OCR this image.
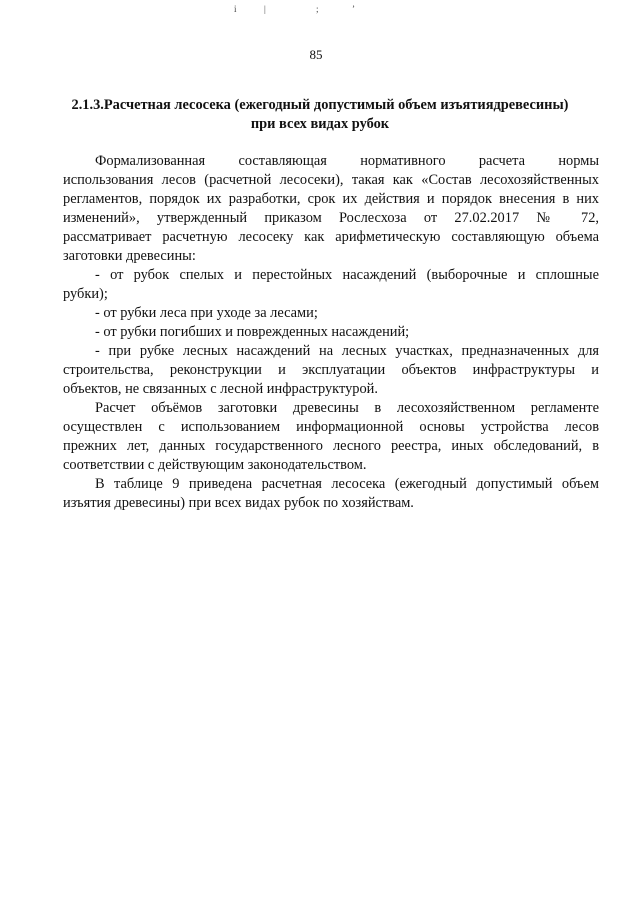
i	|	;	’
85
2.1.3.Расчетная лесосека (ежегодный допустимый объем изъятиядревесины)
при всех видах рубок
Формализованная составляющая нормативного расчета нормы
использования лесов (расчетной лесосеки), такая как «Состав лесохозяйственных
регламентов, порядок их разработки, срок их действия и порядок внесения в них
изменений», утвержденный приказом Рослесхоза от 27.02.2017 № 72,
рассматривает расчетную лесосеку как арифметическую составляющую объема
заготовки древесины:
- от рубок спелых и перестойных насаждений (выборочные и сплошные
рубки);
- от рубки леса при уходе за лесами;
- от рубки погибших и поврежденных насаждений;
- при рубке лесных насаждений на лесных участках, предназначенных для
строительства, реконструкции и эксплуатации объектов инфраструктуры и
объектов, не связанных с лесной инфраструктурой.
Расчет объёмов заготовки древесины в лесохозяйственном регламенте
осуществлен с использованием информационной основы устройства лесов
прежних лет, данных государственного лесного реестра, иных обследований, в
соответствии с действующим законодательством.
В таблице 9 приведена расчетная лесосека (ежегодный допустимый объем
изъятия древесины) при всех видах рубок по хозяйствам.
